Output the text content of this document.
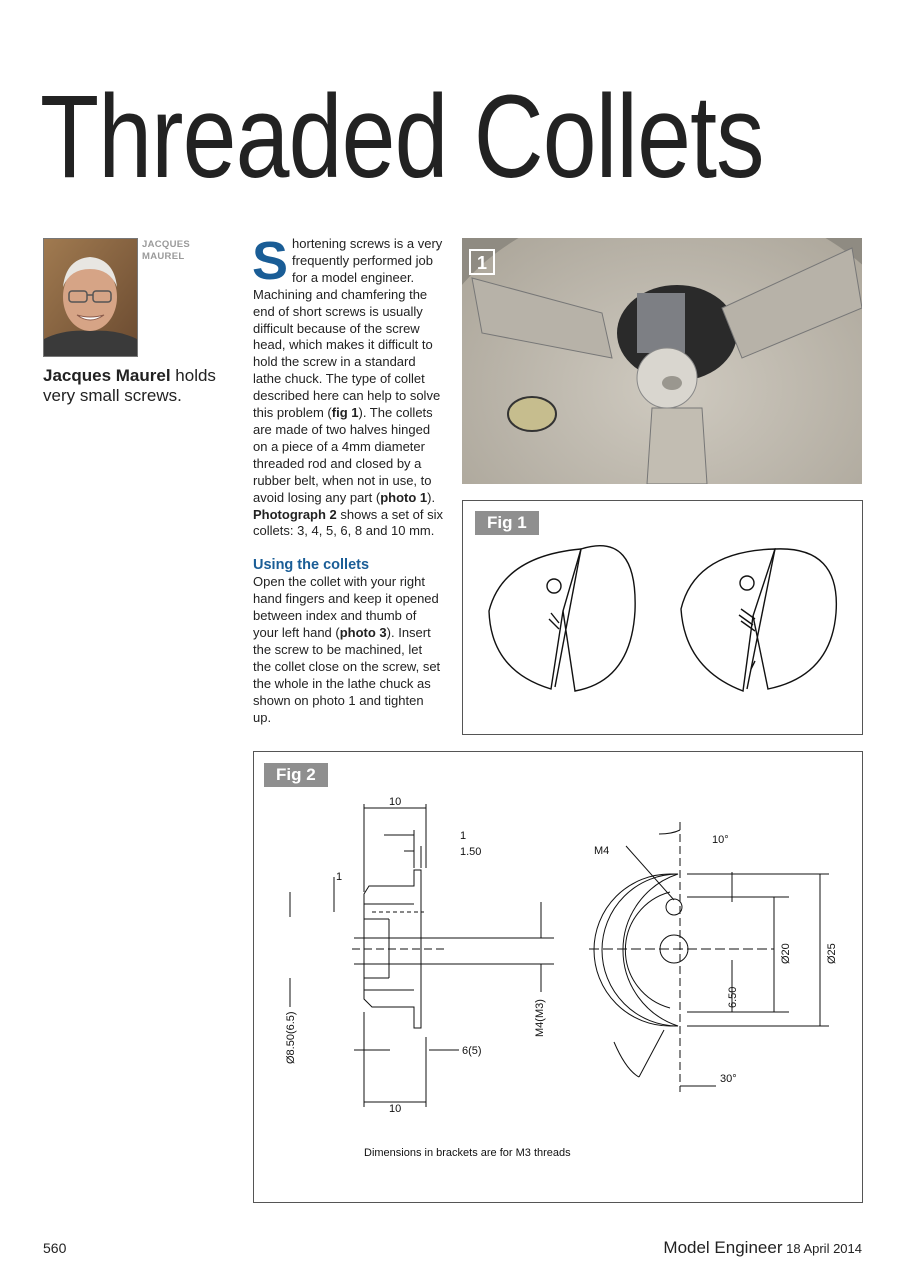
Threaded Collets
JACQUES
MAUREL
Jacques Maurel holds very small screws.

Shortening screws is a very frequently performed job for a model engineer. Machining and chamfering the end of short screws is usually difficult because of the screw head, which makes it difficult to hold the screw in a standard lathe chuck. The type of collet described here can help to solve this problem (fig 1). The collets are made of two halves hinged on a piece of a 4mm diameter threaded rod and closed by a rubber belt, when not in use, to avoid losing any part (photo 1). Photograph 2 shows a set of six collets: 3, 4, 5, 6, 8 and 10 mm.

Using the collets

Open the collet with your right hand fingers and keep it opened between index and thumb of your left hand (photo 3). Insert the screw to be machined, let the collet close on the screw, set the whole in the lathe chuck as shown on photo 1 and tighten up.

1
Fig 1
Fig 2
10
1
1.50
1
Ø8.50(6.5)	M4(M3)
6(5)
10
M4
10°
Ø20	Ø25
6.50
30°
Dimensions in brackets are for M3 threads
560	Model Engineer 18 April 2014
